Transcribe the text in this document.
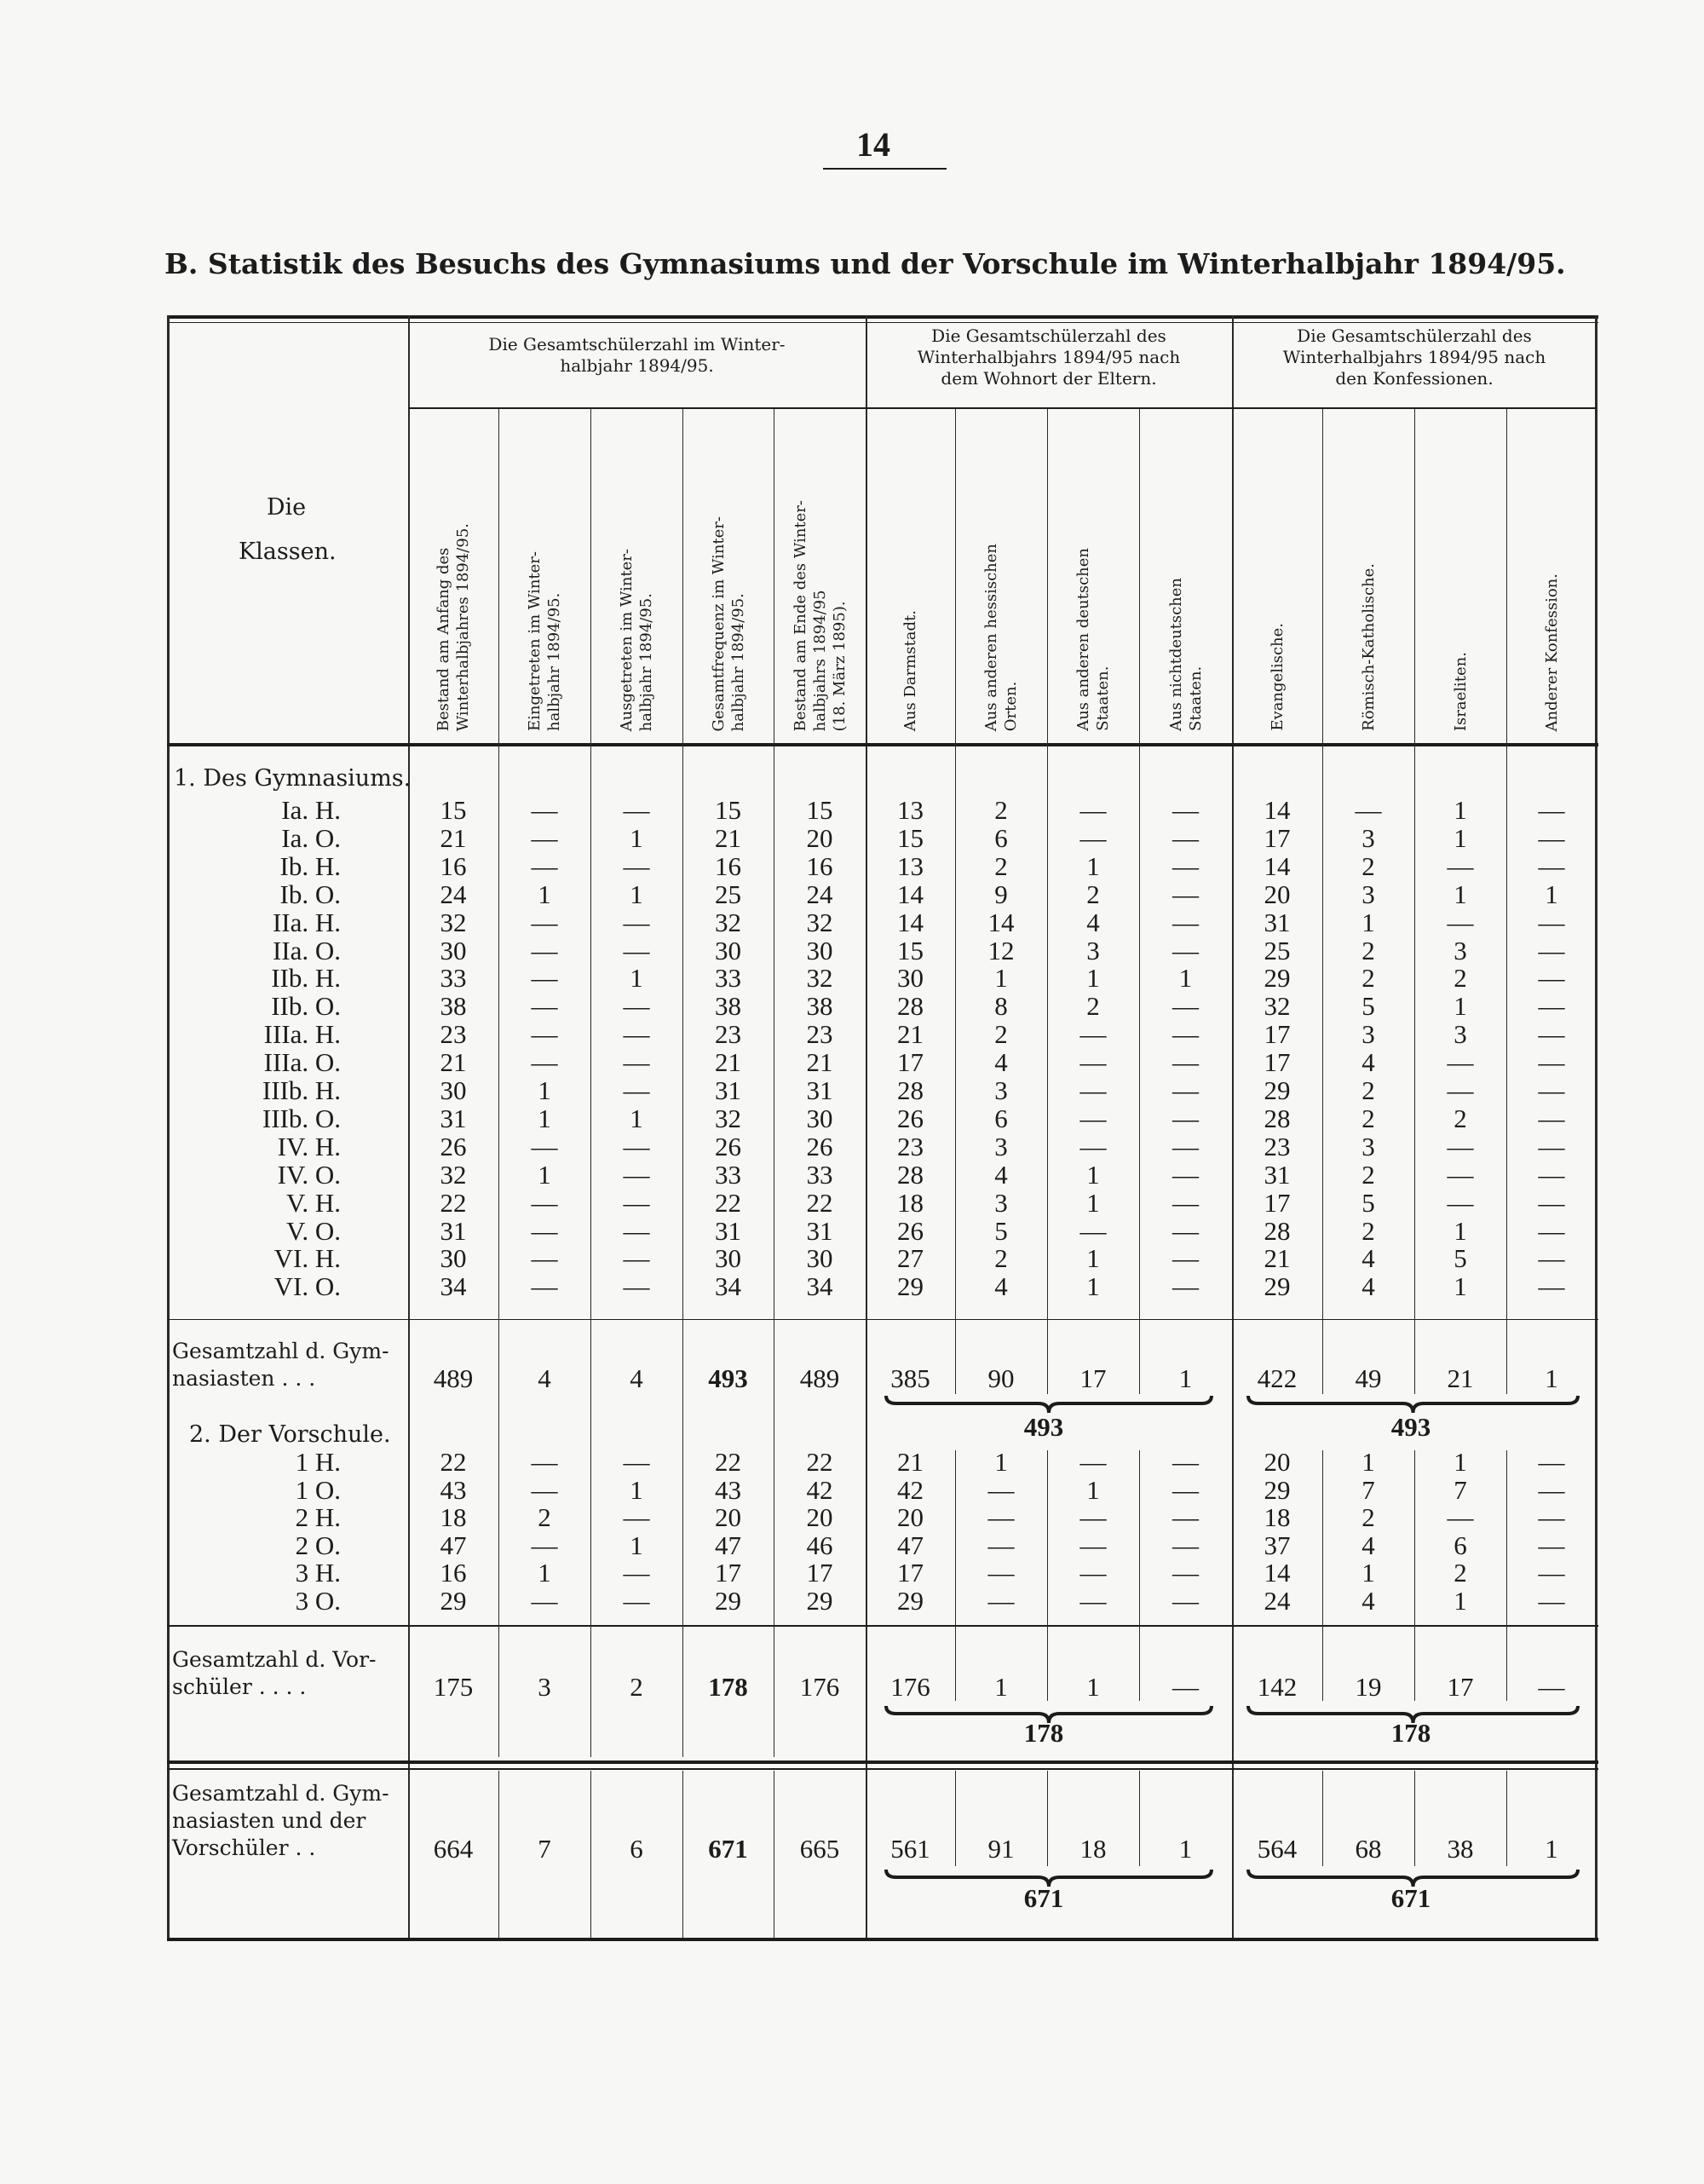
14
B. Statistik des Besuchs des Gymnasiums und der Vorschule im Winterhalbjahr 1894/95.
Die
Klassen.
Die Gesamtschülerzahl im Winter-
halbjahr 1894/95.
Die Gesamtschülerzahl des
Winterhalbjahrs 1894/95 nach
dem Wohnort der Eltern.
Die Gesamtschülerzahl des
Winterhalbjahrs 1894/95 nach
den Konfessionen.
Bestand am Anfang des
Winterhalbjahres 1894/95.
Eingetreten im Winter-
halbjahr 1894/95.
Ausgetreten im Winter-
halbjahr 1894/95.	Gesamtfrequenz im Winter-
halbjahr 1894/95.
Bestand am Ende des Winter-
halbjahrs 1894/95
(18. März 1895).	Aus Darmstadt.	Aus anderen hessischen
Orten.	Aus anderen deutschen
Staaten.	Aus nichtdeutschen
Staaten.	Evangelische.	Römisch-Katholische.	Israeliten.	Anderer Konfession.
1. Des Gymnasiums.
Ia. H.	15	—	—	15	15	13	2	—	—	14	—	1	—
Ia. O.	21	—	1	21	20	15	6	—	—	17	3	1	—
Ib. H.	16	—	—	16	16	13	2	1	—	14	2	—	—
Ib. O.	24	1	1	25	24	14	9	2	—	20	3	1	1
IIa. H.	32	—	—	32	32	14	14	4	—	31	1	—	—
IIa. O.	30	—	—	30	30	15	12	3	—	25	2	3	—
IIb. H.	33	—	1	33	32	30	1	1	1	29	2	2	—
IIb. O.	38	—	—	38	38	28	8	2	—	32	5	1	—
IIIa. H.	23	—	—	23	23	21	2	—	—	17	3	3	—
IIIa. O.	21	—	—	21	21	17	4	—	—	17	4	—	—
IIIb. H.	30	1	—	31	31	28	3	—	—	29	2	—	—
IIIb. O.	31	1	1	32	30	26	6	—	—	28	2	2	—
IV. H.	26	—	—	26	26	23	3	—	—	23	3	—	—
IV. O.	32	1	—	33	33	28	4	1	—	31	2	—	—
V. H.	22	—	—	22	22	18	3	1	—	17	5	—	—
V. O.	31	—	—	31	31	26	5	—	—	28	2	1	—
VI. H.	30	—	—	30	30	27	2	1	—	21	4	5	—
VI. O.	34	—	—	34	34	29	4	1	—	29	4	1	—
Gesamtzahl d. Gym-
nasiasten . . .	489	4	4	493	489	385	90	17	1	422	49	21	1
493	493
2. Der Vorschule.
1 H.	22	—	—	22	22	21	1	—	—	20	1	1	—
1 O.	43	—	1	43	42	42	—	1	—	29	7	7	—
2 H.	18	2	—	20	20	20	—	—	—	18	2	—	—
2 O.	47	—	1	47	46	47	—	—	—	37	4	6	—
3 H.	16	1	—	17	17	17	—	—	—	14	1	2	—
3 O.	29	—	—	29	29	29	—	—	—	24	4	1	—
Gesamtzahl d. Vor-
schüler . . . .	175	3	2	178	176	176	1	1	—	142	19	17	—
178	178
Gesamtzahl d. Gym-
nasiasten und der
Vorschüler . .	664	7	6	671	665	561	91	18	1	564	68	38	1
671	671
